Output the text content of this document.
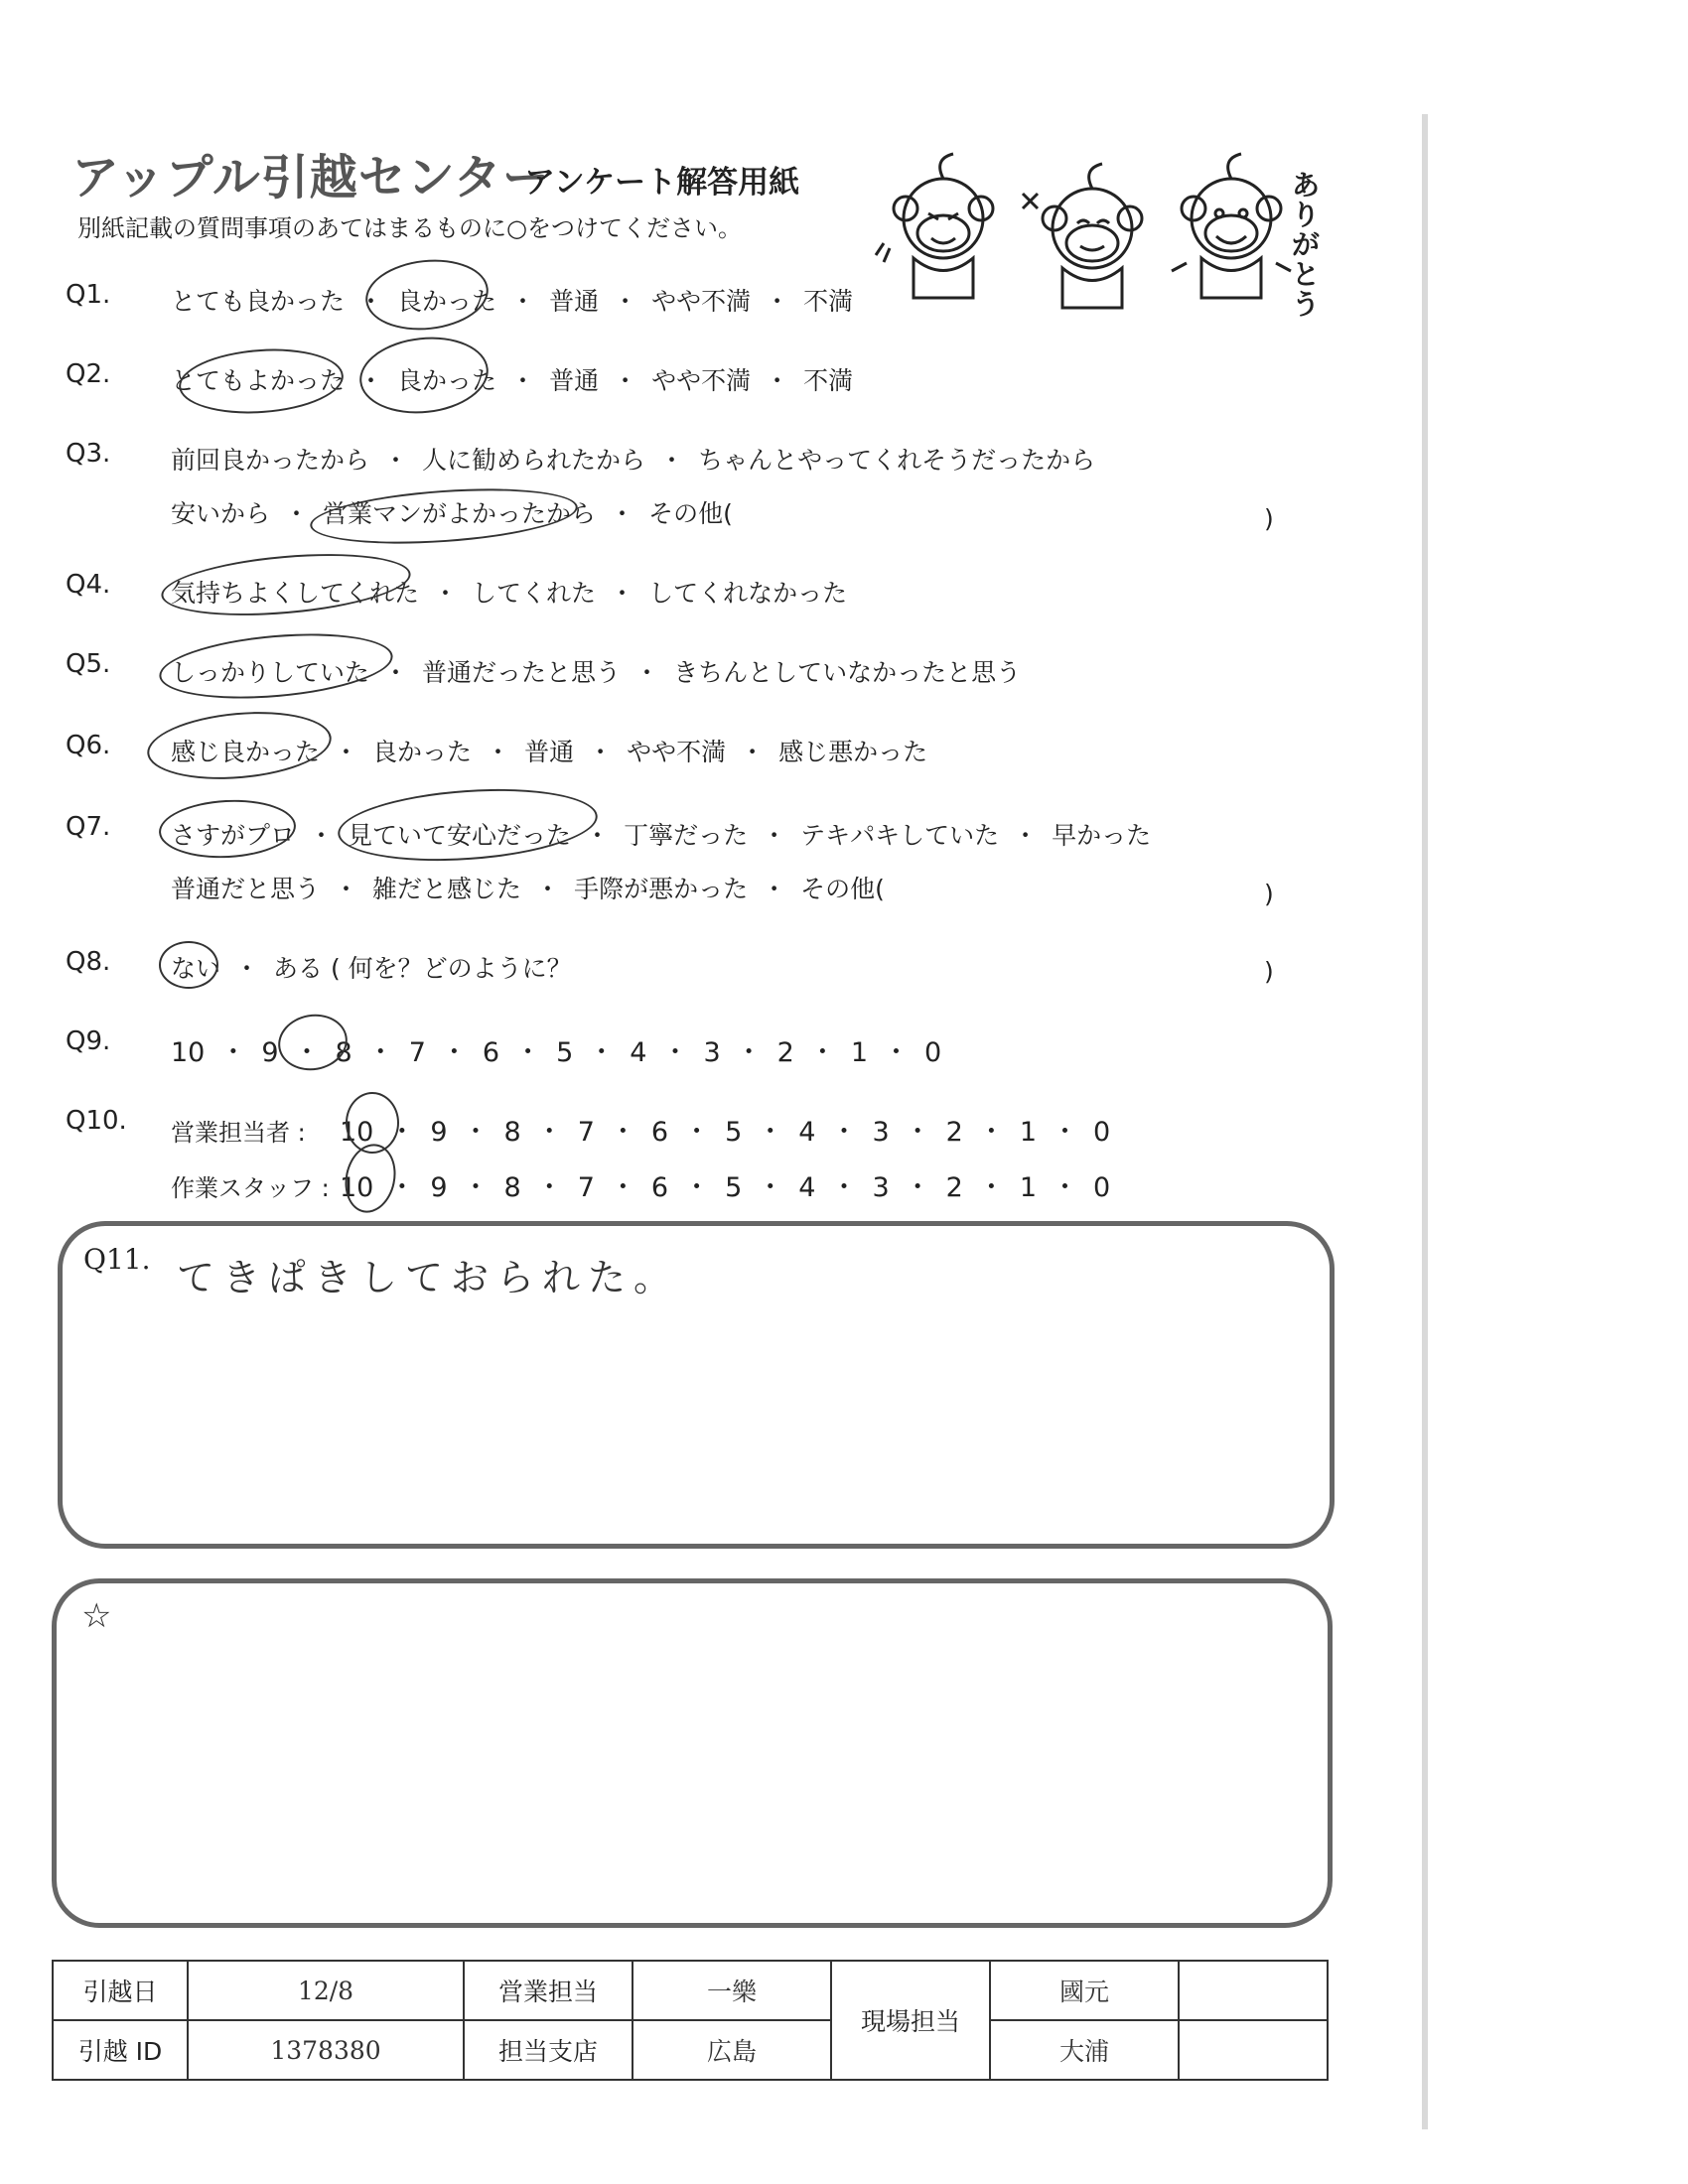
アップル引越センター
アンケート解答用紙
別紙記載の質問事項のあてはまるものに○をつけてください。
ありがとう
Q1. とても良かった ・ 良かった ・ 普通 ・ やや不満 ・ 不満
Q2. とてもよかった ・ 良かった ・ 普通 ・ やや不満 ・ 不満
Q3. 前回良かったから ・ 人に勧められたから ・ ちゃんとやってくれそうだったから
安いから ・ 営業マンがよかったから ・ その他(	)
Q4. 気持ちよくしてくれた ・ してくれた ・ してくれなかった
Q5. しっかりしていた ・ 普通だったと思う ・ きちんとしていなかったと思う
Q6. 感じ良かった ・ 良かった ・ 普通 ・ やや不満 ・ 感じ悪かった
Q7. さすがプロ ・ 見ていて安心だった ・ 丁寧だった ・ テキパキしていた ・ 早かった
普通だと思う ・ 雑だと感じた ・ 手際が悪かった ・ その他(	)
Q8. ない ・ ある ( 何を？どのように？	)
Q9. 10 ・ 9 ・ 8 ・ 7 ・ 6 ・ 5 ・ 4 ・ 3 ・ 2 ・ 1 ・ 0
Q10. 営業担当者 : 10 ・ 9 ・ 8 ・ 7 ・ 6 ・ 5 ・ 4 ・ 3 ・ 2 ・ 1 ・ 0
作業スタッフ : 10 ・ 9 ・ 8 ・ 7 ・ 6 ・ 5 ・ 4 ・ 3 ・ 2 ・ 1 ・ 0
Q11. てきぱきしておられた。
☆
引越日	12/8	営業担当	一樂	現場担当	國元	
引越 ID	1378380	担当支店	広島		大浦	
